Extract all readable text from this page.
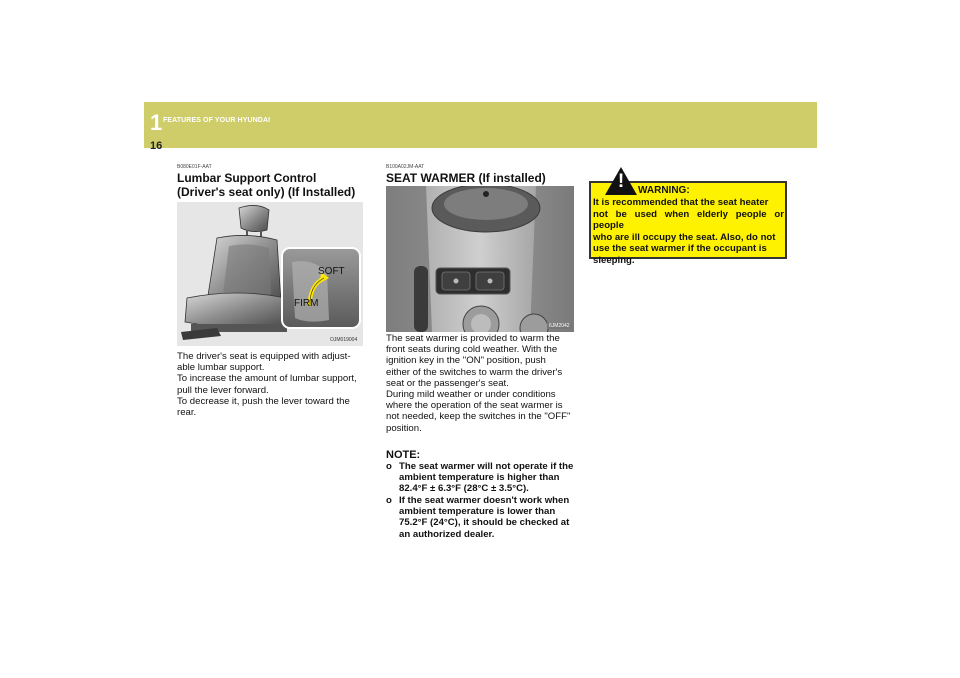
1 FEATURES OF YOUR HYUNDAI
16
B080E01F-AAT
Lumbar Support Control
(Driver's seat only) (If Installed)
SOFT
FIRM
OJM019004
The driver's seat is equipped with adjust-
able lumbar support.
To increase the amount of lumbar support,
pull the lever forward.
To decrease it, push the lever toward the
rear.
B100A02JM-AAT
SEAT WARMER (If installed)
6JM2042
The seat warmer is provided to warm the
front seats during cold weather. With the
ignition key in the "ON" position, push
either of the switches to warm the driver's
seat or the passenger's seat.
During mild weather or under conditions
where the operation of the seat warmer is
not needed, keep the switches in the "OFF"
position.
NOTE:
o The seat warmer will not operate if the
ambient temperature is higher than
82.4°F ± 6.3°F (28°C ± 3.5°C).
o If the seat warmer doesn't work when
ambient temperature is lower than
75.2°F (24°C), it should be checked at
an authorized dealer.
! WARNING:
It is recommended that the seat heater
not be used when elderly people or people
who are ill occupy the seat. Also, do not
use the seat warmer if the occupant is
sleeping.
